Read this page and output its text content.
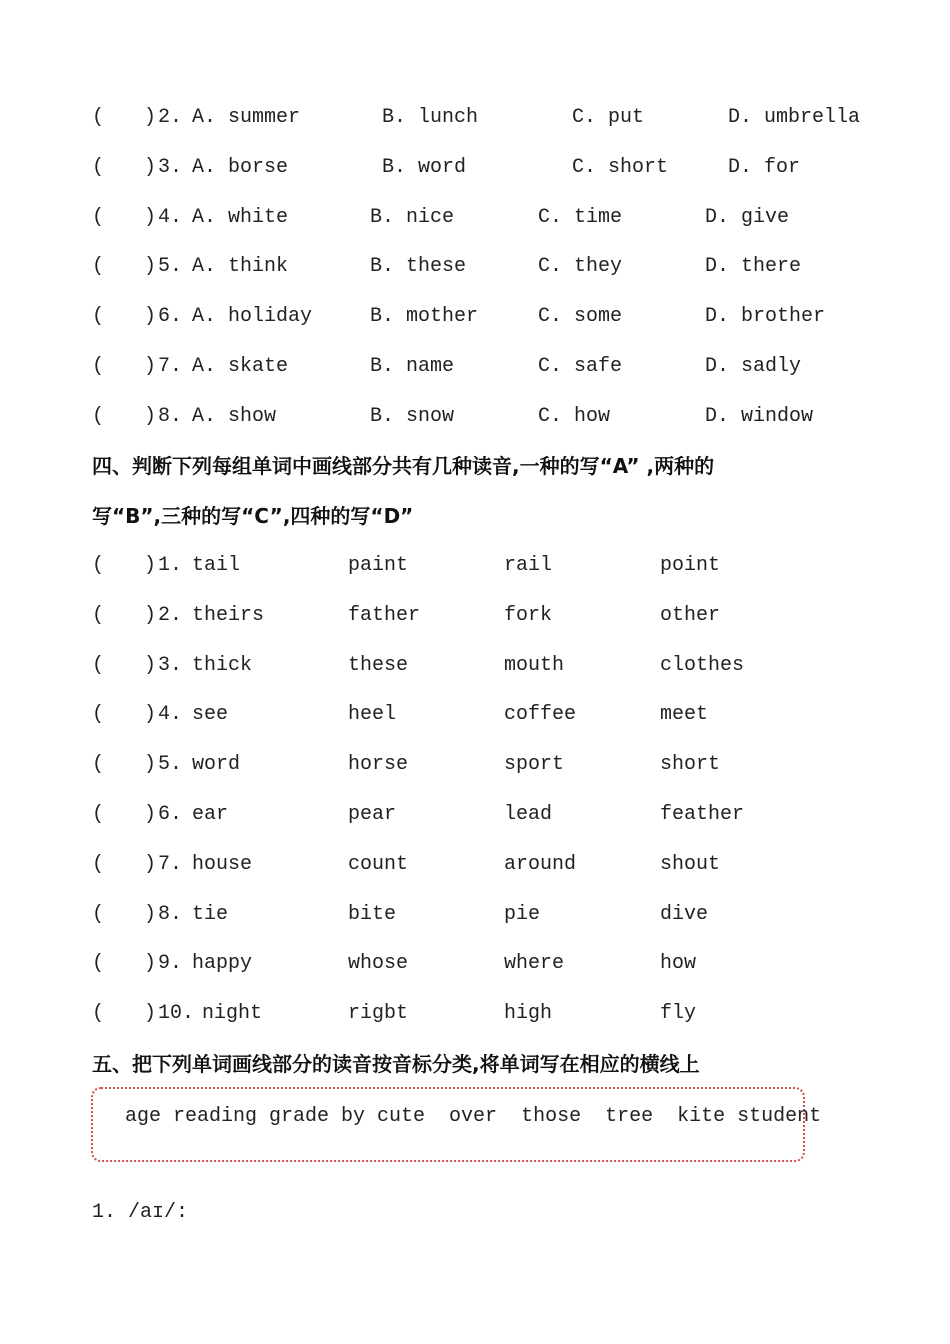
( ) 2. A. summer	B. lunch	C. put	D. umbrella
( ) 3. A. borse	B. word	C. short	D. for
( ) 4. A. white	B. nice	C. time	D. give
( ) 5. A. think	B. these	C. they	D. there
( ) 6. A. holiday	B. mother	C. some	D. brother
( ) 7. A. skate	B. name	C. safe	D. sadly
( ) 8. A. show	B. snow	C. how	D. window
四、判断下列每组单词中画线部分共有几种读音,一种的写“A” ,两种的
写“B”,三种的写“C”,四种的写“D”
( ) 1. tail	paint	rail	point
( ) 2. theirs	father	fork	other
( ) 3. thick	these	mouth	clothes
( ) 4. see	heel	coffee	meet
( ) 5. word	horse	sport	short
( ) 6. ear	pear	lead	feather
( ) 7. house	count	around	shout
( ) 8. tie	bite	pie	dive
( ) 9. happy	whose	where	how
( ) 10. night	rigbt	high	fly
五、把下列单词画线部分的读音按音标分类,将单词写在相应的横线上
age reading grade by cute  over  those  tree  kite student
1. /aɪ/:
